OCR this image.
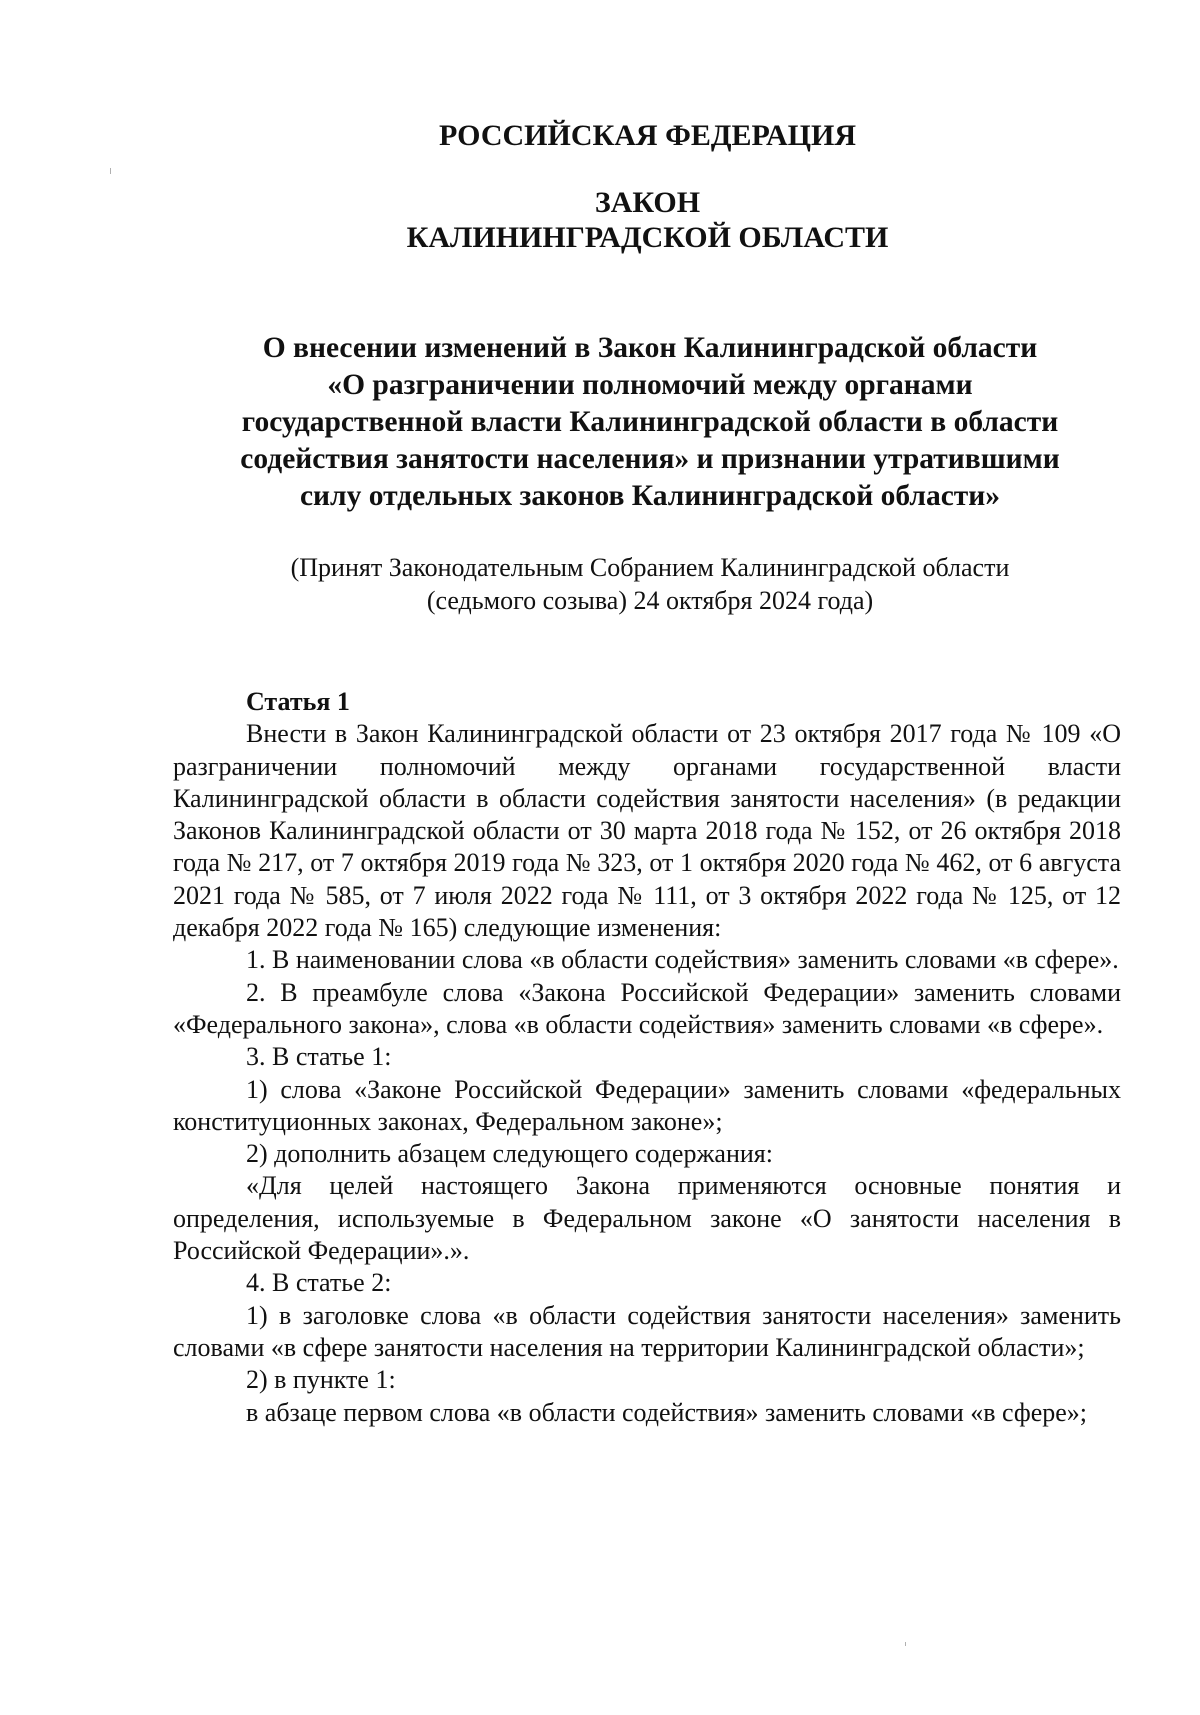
РОССИЙСКАЯ ФЕДЕРАЦИЯ
ЗАКОН
КАЛИНИНГРАДСКОЙ ОБЛАСТИ
О внесении изменений в Закон Калининградской области
«О разграничении полномочий между органами
государственной власти Калининградской области в области
содействия занятости населения» и признании утратившими
силу отдельных законов Калининградской области»
(Принят Законодательным Собранием Калининградской области
(седьмого созыва) 24 октября 2024 года)

Статья 1

Внести в Закон Калининградской области от 23 октября 2017 года № 109 «О разграничении полномочий между органами государственной власти Калининградской области в области содействия занятости населения» (в редакции Законов Калининградской области от 30 марта 2018 года № 152, от 26 октября 2018 года № 217, от 7 октября 2019 года № 323, от 1 октября 2020 года № 462, от 6 августа 2021 года № 585, от 7 июля 2022 года № 111, от 3 октября 2022 года № 125, от 12 декабря 2022 года № 165) следующие изменения:

1. В наименовании слова «в области содействия» заменить словами «в сфере».

2. В преамбуле слова «Закона Российской Федерации» заменить словами «Федерального закона», слова «в области содействия» заменить словами «в сфере».

3. В статье 1:

1) слова «Законе Российской Федерации» заменить словами «федеральных конституционных законах, Федеральном законе»;

2) дополнить абзацем следующего содержания:

«Для целей настоящего Закона применяются основные понятия и определения, используемые в Федеральном законе «О занятости населения в Российской Федерации».».

4. В статье 2:

1) в заголовке слова «в области содействия занятости населения» заменить словами «в сфере занятости населения на территории Калининградской области»;

2) в пункте 1:

в абзаце первом слова «в области содействия» заменить словами «в сфере»;
